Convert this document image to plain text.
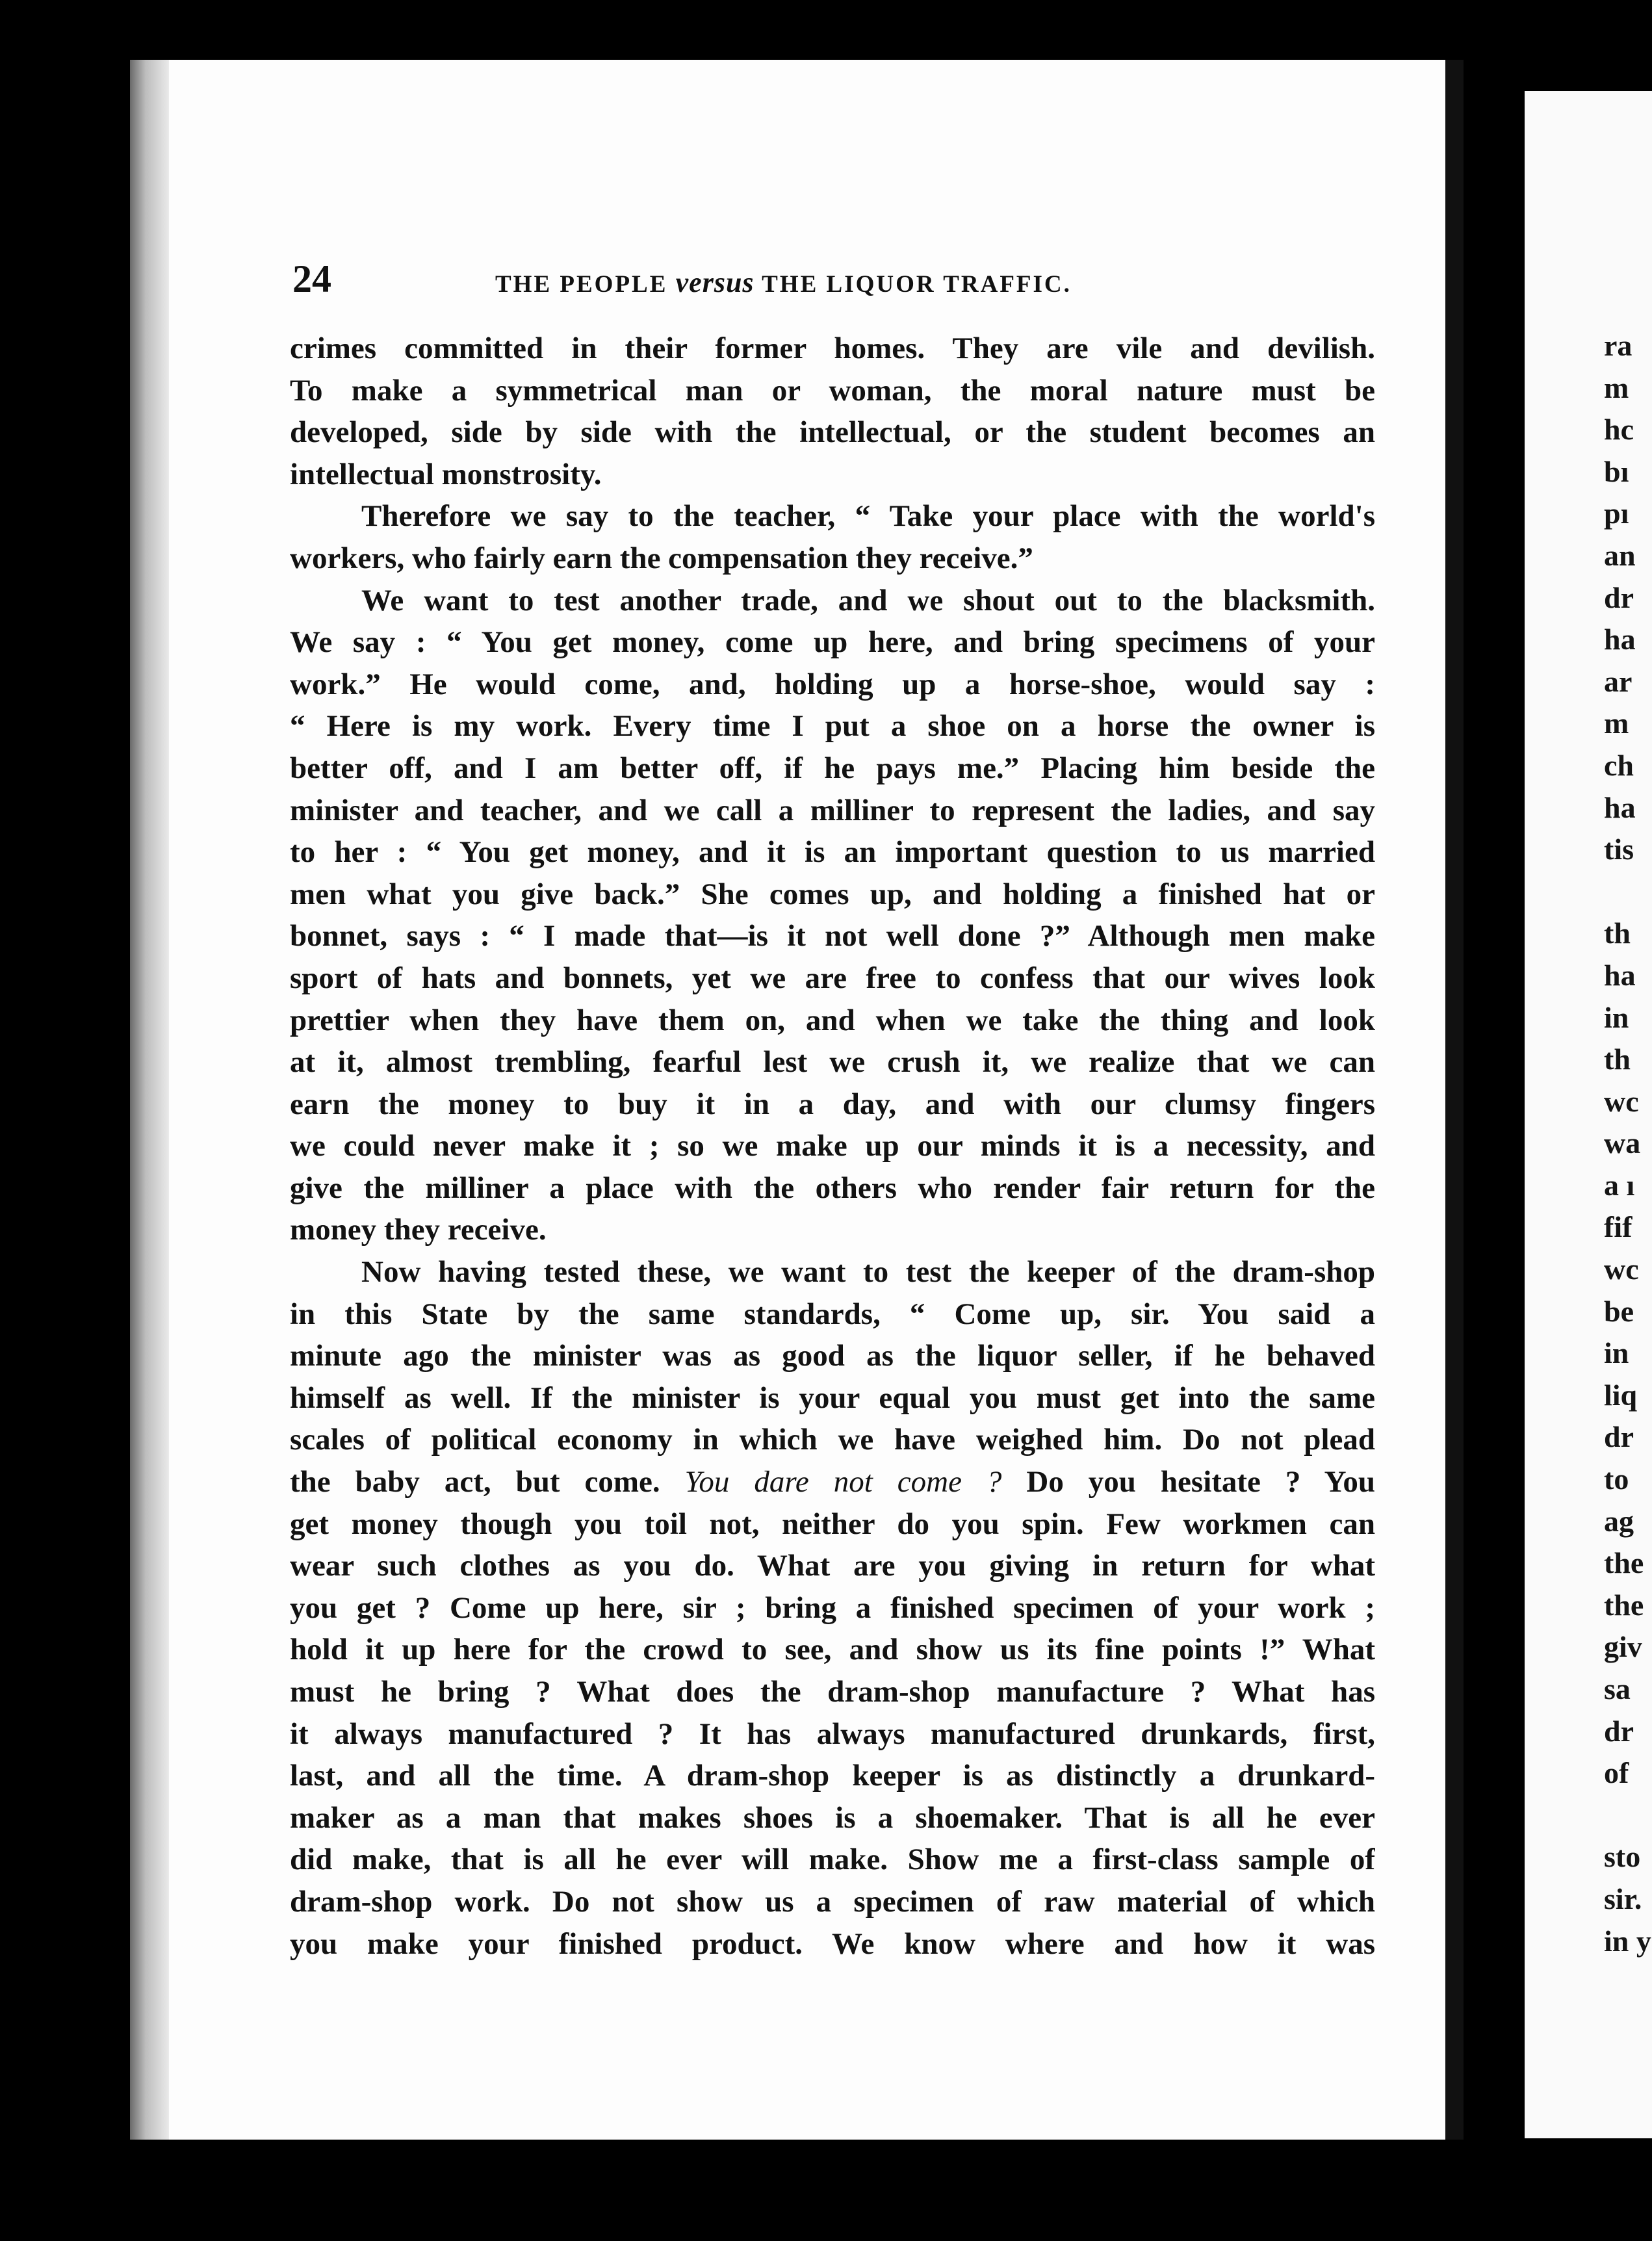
ra
m
hc
bı
pı
an
dr
ha
ar
m
ch
ha
tis
th
ha
in
th
wc
wa
a ı
fif
wc
be
in
liq
dr
to
ag
the
the
giv
sa
dr
of
sto
sir.
in y
24	THE PEOPLE versus THE LIQUOR TRAFFIC.
crimes committed in their former homes. They are vile and devilish.
To make a symmetrical man or woman, the moral nature must be
developed, side by side with the intellectual, or the student becomes an
intellectual monstrosity.
Therefore we say to the teacher, “ Take your place with the world's
workers, who fairly earn the compensation they receive.”
We want to test another trade, and we shout out to the blacksmith.
We say : “ You get money, come up here, and bring specimens of your
work.” He would come, and, holding up a horse-shoe, would say :
“ Here is my work. Every time I put a shoe on a horse the owner is
better off, and I am better off, if he pays me.” Placing him beside the
minister and teacher, and we call a milliner to represent the ladies, and say
to her : “ You get money, and it is an important question to us married
men what you give back.” She comes up, and holding a finished hat or
bonnet, says : “ I made that—is it not well done ?” Although men make
sport of hats and bonnets, yet we are free to confess that our wives look
prettier when they have them on, and when we take the thing and look
at it, almost trembling, fearful lest we crush it, we realize that we can
earn the money to buy it in a day, and with our clumsy fingers
we could never make it ; so we make up our minds it is a necessity, and
give the milliner a place with the others who render fair return for the
money they receive.
Now having tested these, we want to test the keeper of the dram-shop
in this State by the same standards, “ Come up, sir. You said a
minute ago the minister was as good as the liquor seller, if he behaved
himself as well. If the minister is your equal you must get into the same
scales of political economy in which we have weighed him. Do not plead
the baby act, but come. You dare not come ? Do you hesitate ? You
get money though you toil not, neither do you spin. Few workmen can
wear such clothes as you do. What are you giving in return for what
you get ? Come up here, sir ; bring a finished specimen of your work ;
hold it up here for the crowd to see, and show us its fine points !” What
must he bring ? What does the dram-shop manufacture ? What has
it always manufactured ? It has always manufactured drunkards, first,
last, and all the time. A dram-shop keeper is as distinctly a drunkard-
maker as a man that makes shoes is a shoemaker. That is all he ever
did make, that is all he ever will make. Show me a first-class sample of
dram-shop work. Do not show us a specimen of raw material of which
you make your finished product. We know where and how it was
